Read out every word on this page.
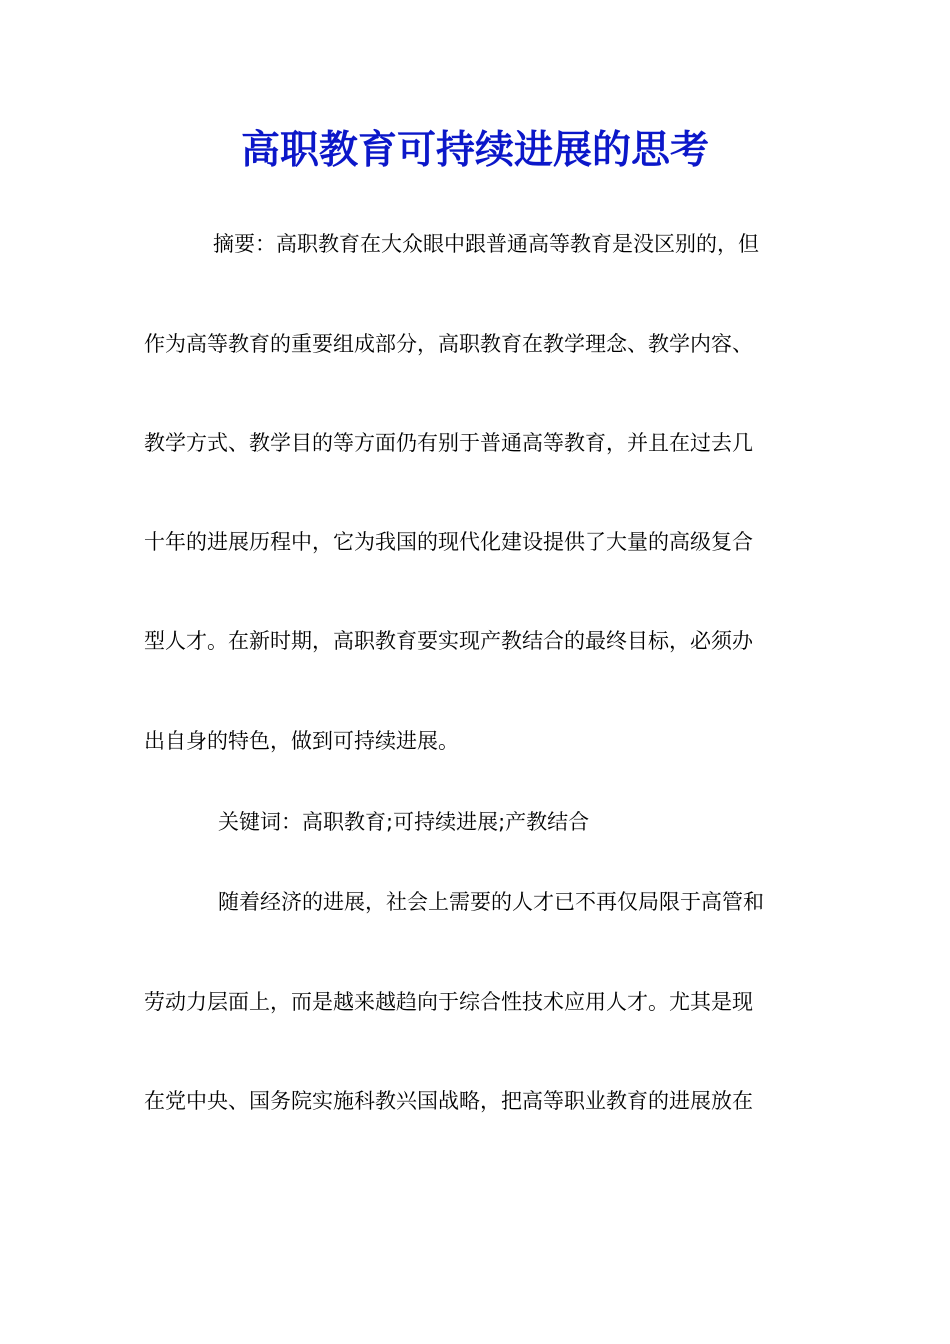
高职教育可持续进展的思考

摘要：高职教育在大众眼中跟普通高等教育是没区别的，但

作为高等教育的重要组成部分，高职教育在教学理念、教学内容、

教学方式、教学目的等方面仍有别于普通高等教育，并且在过去几

十年的进展历程中，它为我国的现代化建设提供了大量的高级复合

型人才。在新时期，高职教育要实现产教结合的最终目标，必须办

出自身的特色，做到可持续进展。

关键词：高职教育;可持续进展;产教结合

随着经济的进展，社会上需要的人才已不再仅局限于高管和

劳动力层面上，而是越来越趋向于综合性技术应用人才。尤其是现

在党中央、国务院实施科教兴国战略，把高等职业教育的进展放在
